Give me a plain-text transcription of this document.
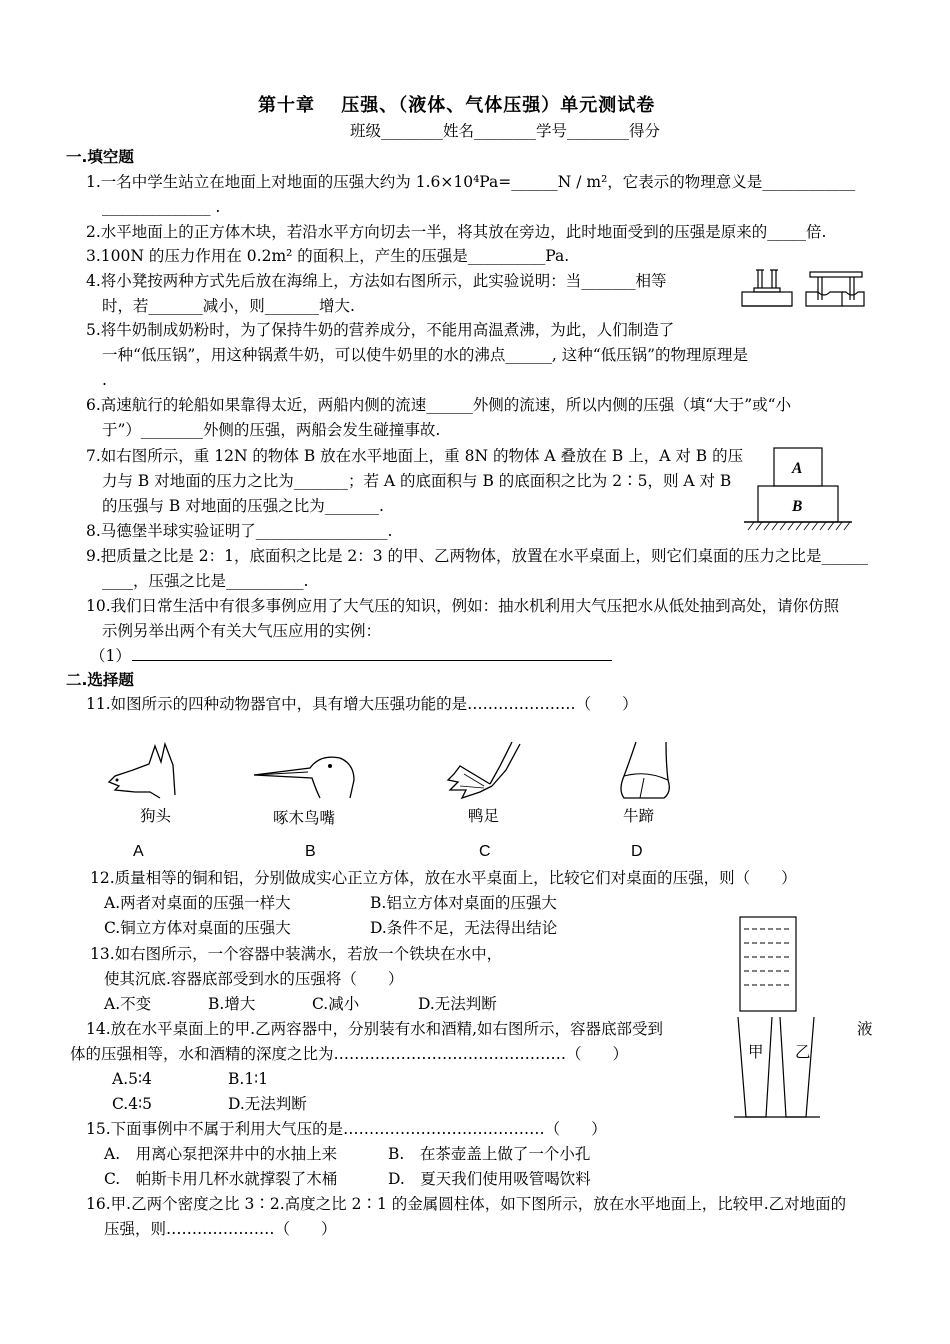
第十章　 压强、（液体、气体压强）单元测试卷
班级________姓名________学号________得分
一.填空题
1.一名中学生站立在地面上对地面的压强大约为 1.6×10⁴Pa=______N / m²，它表示的物理意义是____________
______________ .
2.水平地面上的正方体木块，若沿水平方向切去一半，将其放在旁边，此时地面受到的压强是原来的_____倍.
3.100N 的压力作用在 0.2m² 的面积上，产生的压强是__________Pa.
4.将小凳按两种方式先后放在海绵上，方法如右图所示，此实验说明：当_______相等
时，若_______减小，则_______增大.
5.将牛奶制成奶粉时，为了保持牛奶的营养成分，不能用高温煮沸，为此，人们制造了
一种“低压锅”，用这种锅煮牛奶，可以使牛奶里的水的沸点______, 这种“低压锅”的物理原理是
.
6.高速航行的轮船如果靠得太近，两船内侧的流速______外侧的流速，所以内侧的压强（填“大于”或“小
于”）________外侧的压强，两船会发生碰撞事故.
7.如右图所示，重 12N 的物体 B 放在水平地面上，重 8N 的物体 A 叠放在 B 上，A 对 B 的压
力与 B 对地面的压力之比为_______；若 A 的底面积与 B 的底面积之比为 2∶5，则 A 对 B
的压强与 B 对地面的压强之比为_______.
8.马德堡半球实验证明了_________________.
9.把质量之比是 2：1，底面积之比是 2：3 的甲、乙两物体，放置在水平桌面上，则它们桌面的压力之比是______
____，压强之比是__________.
10.我们日常生活中有很多事例应用了大气压的知识，例如：抽水机利用大气压把水从低处抽到高处，请你仿照
示例另举出两个有关大气压应用的实例：
（1）
二.选择题
11.如图所示的四种动物器官中，具有增大压强功能的是…………………（　　）
狗头	啄木鸟嘴	鸭足	牛蹄
A	B	C	D
12.质量相等的铜和铝，分别做成实心正立方体，放在水平桌面上，比较它们对桌面的压强，则（　　）
A.两者对桌面的压强一样大	B.铝立方体对桌面的压强大
C.铜立方体对桌面的压强大	D.条件不足，无法得出结论
13.如右图所示，一个容器中装满水，若放一个铁块在水中，
使其沉底.容器底部受到水的压强将（　　）
A.不变	B.增大	C.减小	D.无法判断
14.放在水平桌面上的甲.乙两容器中，分别装有水和酒精,如右图所示，容器底部受到	液
体的压强相等，水和酒精的深度之比为………………………………………（　　）
A.5∶4	B.1∶1
C.4∶5	D.无法判断
15.下面事例中不属于利用大气压的是…………………………………（　　）
A.　用离心泵把深井中的水抽上来	B.　在茶壶盖上做了一个小孔
C.　帕斯卡用几杯水就撑裂了木桶	D.　夏天我们使用吸管喝饮料
16.甲.乙两个密度之比 3∶2.高度之比 2∶1 的金属圆柱体，如下图所示，放在水平地面上，比较甲.乙对地面的
压强，则…………………（　　）
A
B
甲 乙
